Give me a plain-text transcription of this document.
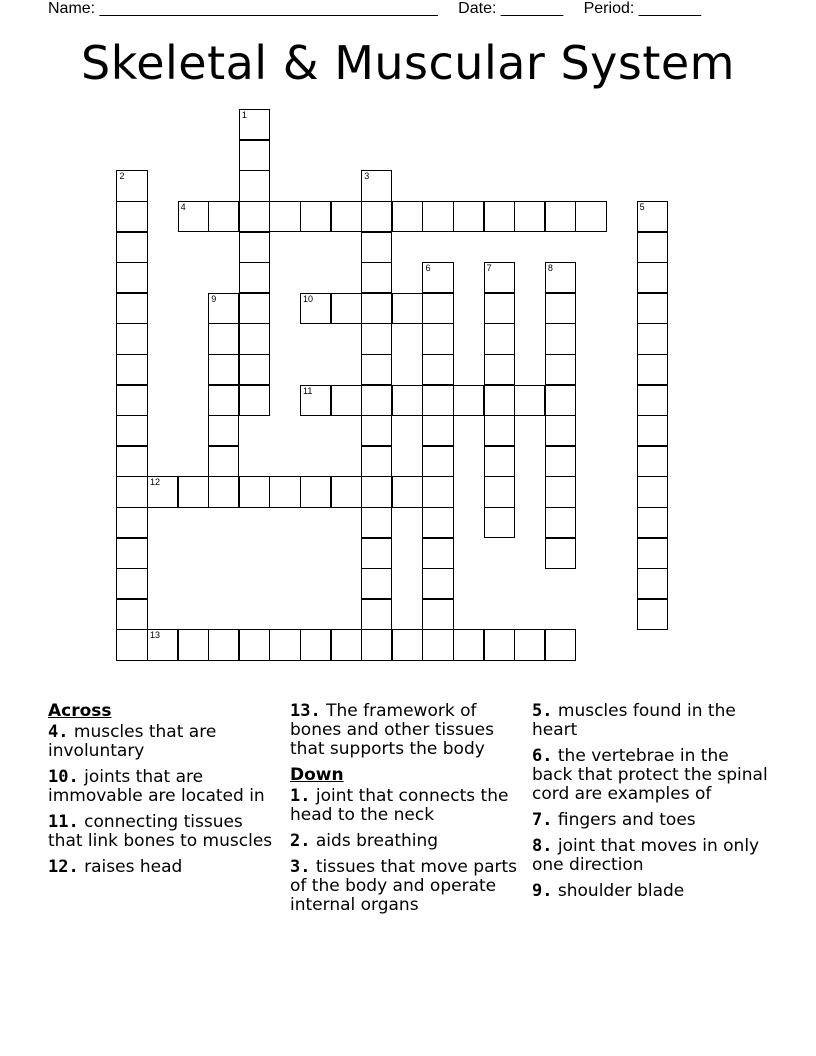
Name: ______________________________________ Date: _______ Period: _______
Skeletal & Muscular System
1
2	3
4	5
6	7	8
9	10
11
12
13
Across
4. muscles that are involuntary
10. joints that are immovable are located in
11. connecting tissues that link bones to muscles
12. raises head
13. The framework of bones and other tissues that supports the body
Down
1. joint that connects the head to the neck
2. aids breathing
3. tissues that move parts of the body and operate internal organs
5. muscles found in the heart
6. the vertebrae in the back that protect the spinal cord are examples of
7. fingers and toes
8. joint that moves in only one direction
9. shoulder blade
